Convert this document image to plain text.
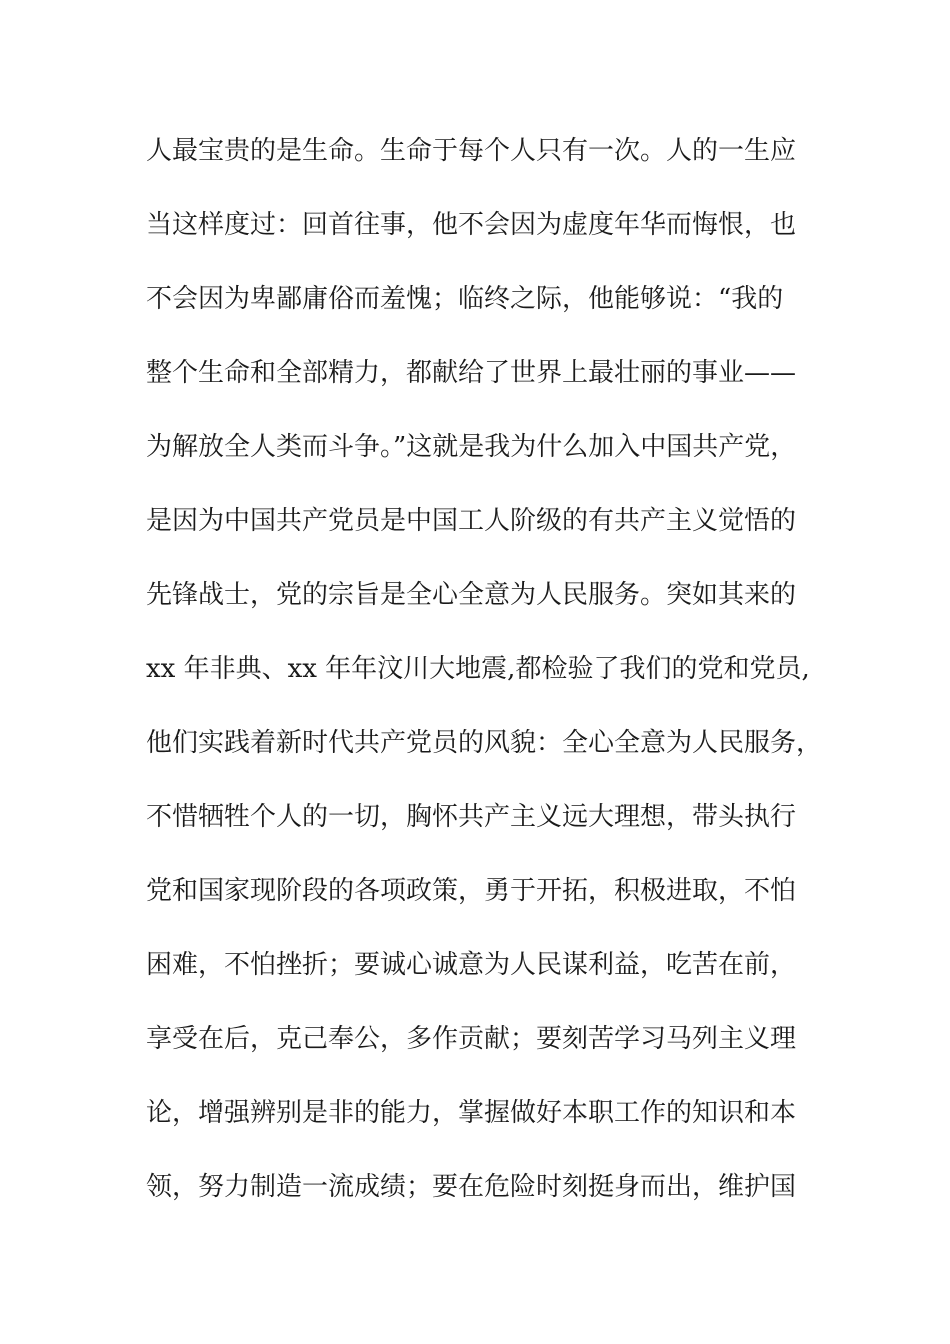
人最宝贵的是生命。生命于每个人只有一次。人的一生应
当这样度过：回首往事，他不会因为虚度年华而悔恨，也
不会因为卑鄙庸俗而羞愧；临终之际，他能够说：“我的
整个生命和全部精力，都献给了世界上最壮丽的事业——
为解放全人类而斗争。”这就是我为什么加入中国共产党，
是因为中国共产党员是中国工人阶级的有共产主义觉悟的
先锋战士，党的宗旨是全心全意为人民服务。突如其来的
xx 年非典、xx 年年汶川大地震,都检验了我们的党和党员,
他们实践着新时代共产党员的风貌：全心全意为人民服务，
不惜牺牲个人的一切，胸怀共产主义远大理想，带头执行
党和国家现阶段的各项政策，勇于开拓，积极进取，不怕
困难，不怕挫折；要诚心诚意为人民谋利益，吃苦在前，
享受在后，克己奉公，多作贡献；要刻苦学习马列主义理
论，增强辨别是非的能力，掌握做好本职工作的知识和本
领，努力制造一流成绩；要在危险时刻挺身而出，维护国
